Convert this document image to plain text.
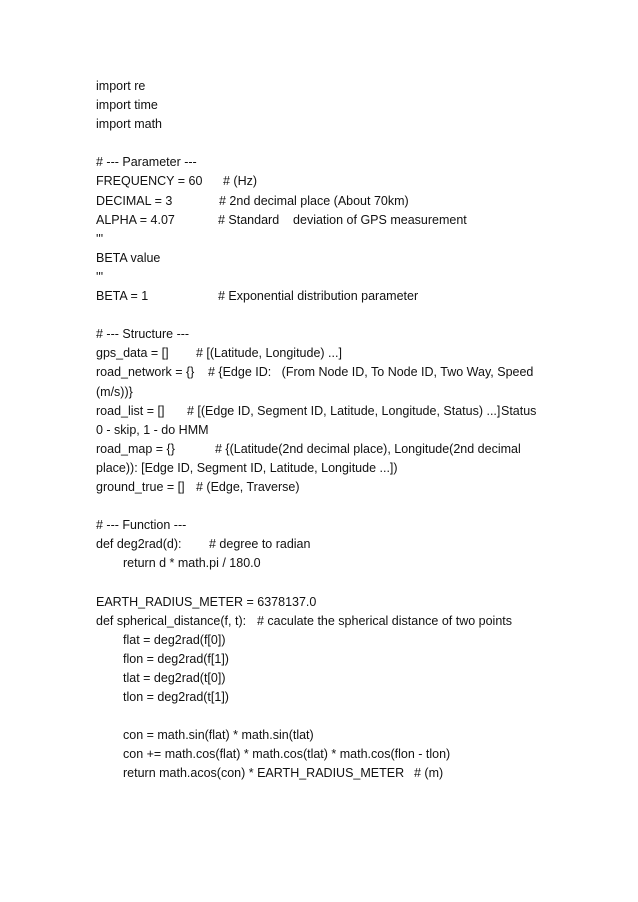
import re
import time
import math
# --- Parameter ---

FREQUENCY = 60

# (Hz)

DECIMAL = 3

	# 2nd decimal place (About 70km)

ALPHA = 4.07

	# Standard    deviation of GPS measurement

'''
BETA value
'''

BETA = 1

	# Exponential distribution parameter

# --- Structure ---

gps_data = []

# [(Latitude, Longitude) ...]

road_network = {}

# {Edge ID:   (From Node ID, To Node ID, Two Way, Speed

(m/s))}

road_list = []

# [(Edge ID, Segment ID, Latitude, Longitude, Status) ...]

Status

0 - skip, 1 - do HMM

road_map = {}

	# {(Latitude(2nd decimal place), Longitude(2nd decimal

place)): [Edge ID, Segment ID, Latitude, Longitude ...])

ground_true = []

# (Edge, Traverse)

# --- Function ---

def deg2rad(d):

# degree to radian

return d * math.pi / 180.0
EARTH_RADIUS_METER = 6378137.0

def spherical_distance(f, t):

# caculate the spherical distance of two points

flat = deg2rad(f[0])
flon = deg2rad(f[1])
tlat = deg2rad(t[0])
tlon = deg2rad(t[1])
con = math.sin(flat) * math.sin(tlat)
con += math.cos(flat) * math.cos(tlat) * math.cos(flon - tlon)

return math.acos(con) * EARTH_RADIUS_METER

# (m)
